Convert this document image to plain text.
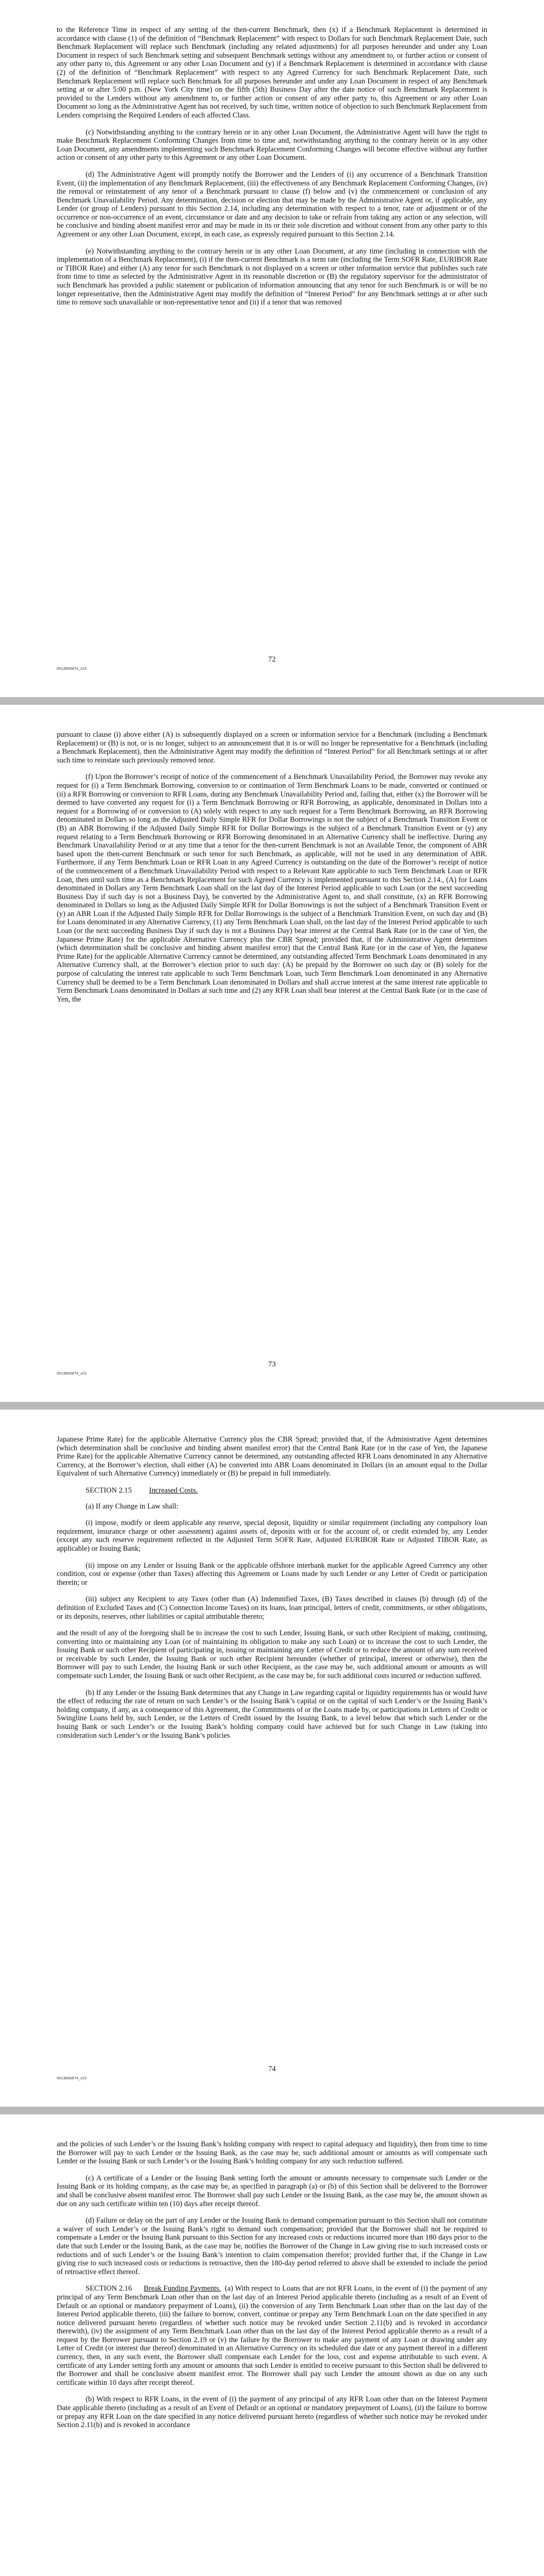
to the Reference Time in respect of any setting of the then-current Benchmark, then (x) if a Benchmark Replacement is determined in accordance with clause (1) of the definition of “Benchmark Replacement” with respect to Dollars for such Benchmark Replacement Date, such Benchmark Replacement will replace such Benchmark (including any related adjustments) for all purposes hereunder and under any Loan Document in respect of such Benchmark setting and subsequent Benchmark settings without any amendment to, or further action or consent of any other party to, this Agreement or any other Loan Document and (y) if a Benchmark Replacement is determined in accordance with clause (2) of the definition of “Benchmark Replacement” with respect to any Agreed Currency for such Benchmark Replacement Date, such Benchmark Replacement will replace such Benchmark for all purposes hereunder and under any Loan Document in respect of any Benchmark setting at or after 5:00 p.m. (New York City time) on the fifth (5th) Business Day after the date notice of such Benchmark Replacement is provided to the Lenders without any amendment to, or further action or consent of any other party to, this Agreement or any other Loan Document so long as the Administrative Agent has not received, by such time, written notice of objection to such Benchmark Replacement from Lenders comprising the Required Lenders of each affected Class.

(c) Notwithstanding anything to the contrary herein or in any other Loan Document, the Administrative Agent will have the right to make Benchmark Replacement Conforming Changes from time to time and, notwithstanding anything to the contrary herein or in any other Loan Document, any amendments implementing such Benchmark Replacement Conforming Changes will become effective without any further action or consent of any other party to this Agreement or any other Loan Document.

(d) The Administrative Agent will promptly notify the Borrower and the Lenders of (i) any occurrence of a Benchmark Transition Event, (ii) the implementation of any Benchmark Replacement, (iii) the effectiveness of any Benchmark Replacement Conforming Changes, (iv) the removal or reinstatement of any tenor of a Benchmark pursuant to clause (f) below and (v) the commencement or conclusion of any Benchmark Unavailability Period. Any determination, decision or election that may be made by the Administrative Agent or, if applicable, any Lender (or group of Lenders) pursuant to this Section 2.14, including any determination with respect to a tenor, rate or adjustment or of the occurrence or non-occurrence of an event, circumstance or date and any decision to take or refrain from taking any action or any selection, will be conclusive and binding absent manifest error and may be made in its or their sole discretion and without consent from any other party to this Agreement or any other Loan Document, except, in each case, as expressly required pursuant to this Section 2.14.

(e) Notwithstanding anything to the contrary herein or in any other Loan Document, at any time (including in connection with the implementation of a Benchmark Replacement), (i) if the then-current Benchmark is a term rate (including the Term SOFR Rate, EURIBOR Rate or TIBOR Rate) and either (A) any tenor for such Benchmark is not displayed on a screen or other information service that publishes such rate from time to time as selected by the Administrative Agent in its reasonable discretion or (B) the regulatory supervisor for the administrator of such Benchmark has provided a public statement or publication of information announcing that any tenor for such Benchmark is or will be no longer representative, then the Administrative Agent may modify the definition of “Interest Period” for any Benchmark settings at or after such time to remove such unavailable or non-representative tenor and (ii) if a tenor that was removed

72
0513650874_v23

pursuant to clause (i) above either (A) is subsequently displayed on a screen or information service for a Benchmark (including a Benchmark Replacement) or (B) is not, or is no longer, subject to an announcement that it is or will no longer be representative for a Benchmark (including a Benchmark Replacement), then the Administrative Agent may modify the definition of “Interest Period” for all Benchmark settings at or after such time to reinstate such previously removed tenor.

(f) Upon the Borrower’s receipt of notice of the commencement of a Benchmark Unavailability Period, the Borrower may revoke any request for (i) a Term Benchmark Borrowing, conversion to or continuation of Term Benchmark Loans to be made, converted or continued or (ii) a RFR Borrowing or conversion to RFR Loans, during any Benchmark Unavailability Period and, failing that, either (x) the Borrower will be deemed to have converted any request for (i) a Term Benchmark Borrowing or RFR Borrowing, as applicable, denominated in Dollars into a request for a Borrowing of or conversion to (A) solely with respect to any such request for a Term Benchmark Borrowing, an RFR Borrowing denominated in Dollars so long as the Adjusted Daily Simple RFR for Dollar Borrowings is not the subject of a Benchmark Transition Event or (B) an ABR Borrowing if the Adjusted Daily Simple RFR for Dollar Borrowings is the subject of a Benchmark Transition Event or (y) any request relating to a Term Benchmark Borrowing or RFR Borrowing denominated in an Alternative Currency shall be ineffective. During any Benchmark Unavailability Period or at any time that a tenor for the then-current Benchmark is not an Available Tenor, the component of ABR based upon the then-current Benchmark or such tenor for such Benchmark, as applicable, will not be used in any determination of ABR. Furthermore, if any Term Benchmark Loan or RFR Loan in any Agreed Currency is outstanding on the date of the Borrower’s receipt of notice of the commencement of a Benchmark Unavailability Period with respect to a Relevant Rate applicable to such Term Benchmark Loan or RFR Loan, then until such time as a Benchmark Replacement for such Agreed Currency is implemented pursuant to this Section 2.14., (A) for Loans denominated in Dollars any Term Benchmark Loan shall on the last day of the Interest Period applicable to such Loan (or the next succeeding Business Day if such day is not a Business Day), be converted by the Administrative Agent to, and shall constitute, (x) an RFR Borrowing denominated in Dollars so long as the Adjusted Daily Simple RFR for Dollar Borrowings is not the subject of a Benchmark Transition Event or (y) an ABR Loan if the Adjusted Daily Simple RFR for Dollar Borrowings is the subject of a Benchmark Transition Event, on such day and (B) for Loans denominated in any Alternative Currency, (1) any Term Benchmark Loan shall, on the last day of the Interest Period applicable to such Loan (or the next succeeding Business Day if such day is not a Business Day) bear interest at the Central Bank Rate (or in the case of Yen, the Japanese Prime Rate) for the applicable Alternative Currency plus the CBR Spread; provided that, if the Administrative Agent determines (which determination shall be conclusive and binding absent manifest error) that the Central Bank Rate (or in the case of Yen, the Japanese Prime Rate) for the applicable Alternative Currency cannot be determined, any outstanding affected Term Benchmark Loans denominated in any Alternative Currency shall, at the Borrower’s election prior to such day: (A) be prepaid by the Borrower on such day or (B) solely for the purpose of calculating the interest rate applicable to such Term Benchmark Loan, such Term Benchmark Loan denominated in any Alternative Currency shall be deemed to be a Term Benchmark Loan denominated in Dollars and shall accrue interest at the same interest rate applicable to Term Benchmark Loans denominated in Dollars at such time and (2) any RFR Loan shall bear interest at the Central Bank Rate (or in the case of Yen, the

73
0513650874_v23

Japanese Prime Rate) for the applicable Alternative Currency plus the CBR Spread; provided that, if the Administrative Agent determines (which determination shall be conclusive and binding absent manifest error) that the Central Bank Rate (or in the case of Yen, the Japanese Prime Rate) for the applicable Alternative Currency cannot be determined, any outstanding affected RFR Loans denominated in any Alternative Currency, at the Borrower’s election, shall either (A) be converted into ABR Loans denominated in Dollars (in an amount equal to the Dollar Equivalent of such Alternative Currency) immediately or (B) be prepaid in full immediately.

SECTION 2.15 Increased Costs.

(a) If any Change in Law shall:

(i) impose, modify or deem applicable any reserve, special deposit, liquidity or similar requirement (including any compulsory loan requirement, insurance charge or other assessment) against assets of, deposits with or for the account of, or credit extended by, any Lender (except any such reserve requirement reflected in the Adjusted Term SOFR Rate, Adjusted EURIBOR Rate or Adjusted TIBOR Rate, as applicable) or Issuing Bank;

(ii) impose on any Lender or Issuing Bank or the applicable offshore interbank market for the applicable Agreed Currency any other condition, cost or expense (other than Taxes) affecting this Agreement or Loans made by such Lender or any Letter of Credit or participation therein; or

(iii) subject any Recipient to any Taxes (other than (A) Indemnified Taxes, (B) Taxes described in clauses (b) through (d) of the definition of Excluded Taxes and (C) Connection Income Taxes) on its loans, loan principal, letters of credit, commitments, or other obligations, or its deposits, reserves, other liabilities or capital attributable thereto;

and the result of any of the foregoing shall be to increase the cost to such Lender, Issuing Bank, or such other Recipient of making, continuing, converting into or maintaining any Loan (or of maintaining its obligation to make any such Loan) or to increase the cost to such Lender, the Issuing Bank or such other Recipient of participating in, issuing or maintaining any Letter of Credit or to reduce the amount of any sum received or receivable by such Lender, the Issuing Bank or such other Recipient hereunder (whether of principal, interest or otherwise), then the Borrower will pay to such Lender, the Issuing Bank or such other Recipient, as the case may be, such additional amount or amounts as will compensate such Lender, the Issuing Bank or such other Recipient, as the case may be, for such additional costs incurred or reduction suffered.

(b) If any Lender or the Issuing Bank determines that any Change in Law regarding capital or liquidity requirements has or would have the effect of reducing the rate of return on such Lender’s or the Issuing Bank’s capital or on the capital of such Lender’s or the Issuing Bank’s holding company, if any, as a consequence of this Agreement, the Commitments of or the Loans made by, or participations in Letters of Credit or Swingline Loans held by, such Lender, or the Letters of Credit issued by the Issuing Bank, to a level below that which such Lender or the Issuing Bank or such Lender’s or the Issuing Bank’s holding company could have achieved but for such Change in Law (taking into consideration such Lender’s or the Issuing Bank’s policies

74
0513650874_v23

and the policies of such Lender’s or the Issuing Bank’s holding company with respect to capital adequacy and liquidity), then from time to time the Borrower will pay to such Lender or the Issuing Bank, as the case may be, such additional amount or amounts as will compensate such Lender or the Issuing Bank or such Lender’s or the Issuing Bank’s holding company for any such reduction suffered.

(c) A certificate of a Lender or the Issuing Bank setting forth the amount or amounts necessary to compensate such Lender or the Issuing Bank or its holding company, as the case may be, as specified in paragraph (a) or (b) of this Section shall be delivered to the Borrower and shall be conclusive absent manifest error. The Borrower shall pay such Lender or the Issuing Bank, as the case may be, the amount shown as due on any such certificate within ten (10) days after receipt thereof.

(d) Failure or delay on the part of any Lender or the Issuing Bank to demand compensation pursuant to this Section shall not constitute a waiver of such Lender’s or the Issuing Bank’s right to demand such compensation; provided that the Borrower shall not be required to compensate a Lender or the Issuing Bank pursuant to this Section for any increased costs or reductions incurred more than 180 days prior to the date that such Lender or the Issuing Bank, as the case may be, notifies the Borrower of the Change in Law giving rise to such increased costs or reductions and of such Lender’s or the Issuing Bank’s intention to claim compensation therefor; provided further that, if the Change in Law giving rise to such increased costs or reductions is retroactive, then the 180-day period referred to above shall be extended to include the period of retroactive effect thereof.

SECTION 2.16 Break Funding Payments. (a) With respect to Loans that are not RFR Loans, in the event of (i) the payment of any principal of any Term Benchmark Loan other than on the last day of an Interest Period applicable thereto (including as a result of an Event of Default or an optional or mandatory prepayment of Loans), (ii) the conversion of any Term Benchmark Loan other than on the last day of the Interest Period applicable thereto, (iii) the failure to borrow, convert, continue or prepay any Term Benchmark Loan on the date specified in any notice delivered pursuant hereto (regardless of whether such notice may be revoked under Section 2.11(b) and is revoked in accordance therewith), (iv) the assignment of any Term Benchmark Loan other than on the last day of the Interest Period applicable thereto as a result of a request by the Borrower pursuant to Section 2.19 or (v) the failure by the Borrower to make any payment of any Loan or drawing under any Letter of Credit (or interest due thereof) denominated in an Alternative Currency on its scheduled due date or any payment thereof in a different currency, then, in any such event, the Borrower shall compensate each Lender for the loss, cost and expense attributable to such event. A certificate of any Lender setting forth any amount or amounts that such Lender is entitled to receive pursuant to this Section shall be delivered to the Borrower and shall be conclusive absent manifest error. The Borrower shall pay such Lender the amount shown as due on any such certificate within 10 days after receipt thereof.

(b) With respect to RFR Loans, in the event of (i) the payment of any principal of any RFR Loan other than on the Interest Payment Date applicable thereto (including as a result of an Event of Default or an optional or mandatory prepayment of Loans), (ii) the failure to borrow or prepay any RFR Loan on the date specified in any notice delivered pursuant hereto (regardless of whether such notice may be revoked under Section 2.11(b) and is revoked in accordance
